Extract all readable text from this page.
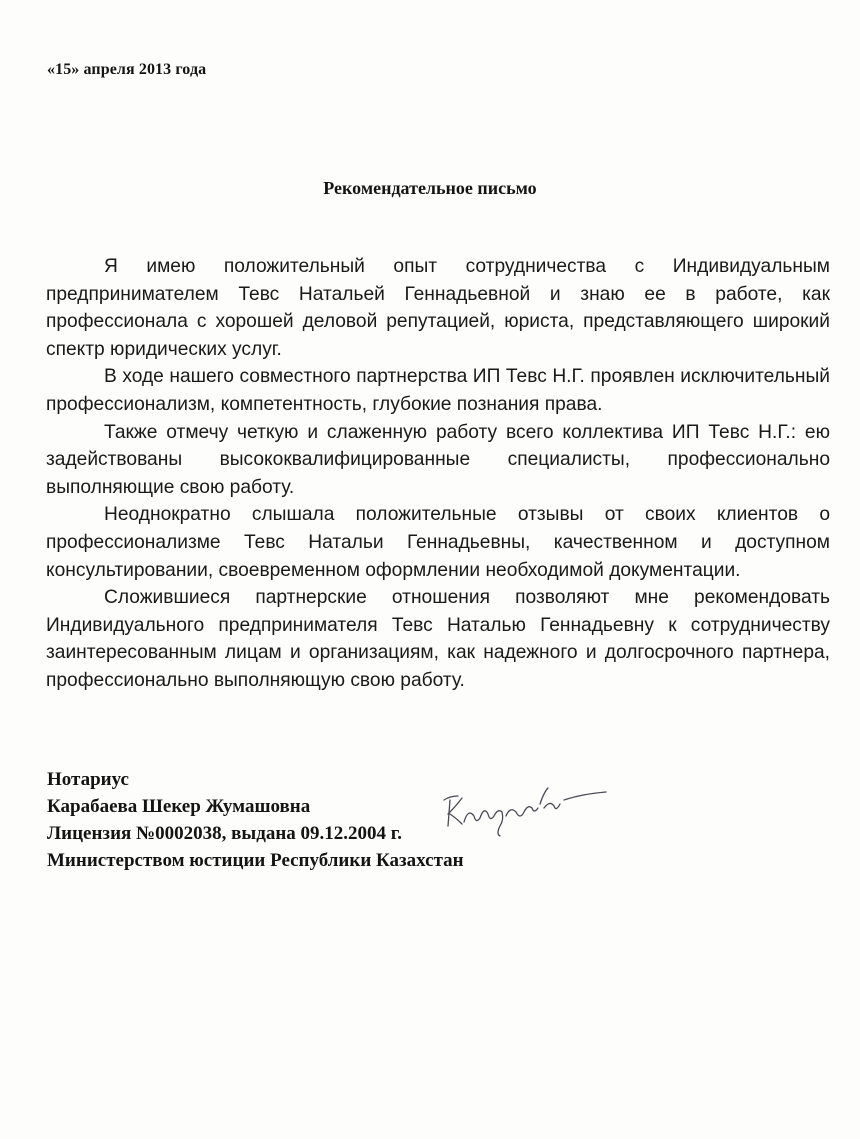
«15» апреля 2013 года
Рекомендательное письмо

Я имею положительный опыт сотрудничества с Индивидуальным предпринимателем Тевс Натальей Геннадьевной и знаю ее в работе, как профессионала с хорошей деловой репутацией, юриста, представляющего широкий спектр юридических услуг.

В ходе нашего совместного партнерства ИП Тевс Н.Г. проявлен исключительный профессионализм, компетентность, глубокие познания права.

Также отмечу четкую и слаженную работу всего коллектива ИП Тевс Н.Г.: ею задействованы высококвалифицированные специалисты, профессионально выполняющие свою работу.

Неоднократно слышала положительные отзывы от своих клиентов о профессионализме Тевс Натальи Геннадьевны, качественном и доступном консультировании, своевременном оформлении необходимой документации.

Сложившиеся партнерские отношения позволяют мне рекомендовать Индивидуального предпринимателя Тевс Наталью Геннадьевну к сотрудничеству заинтересованным лицам и организациям, как надежного и долгосрочного партнера, профессионально выполняющую свою работу.

Нотариус
Карабаева Шекер Жумашовна
Лицензия №0002038, выдана 09.12.2004 г.
Министерством юстиции Республики Казахстан
